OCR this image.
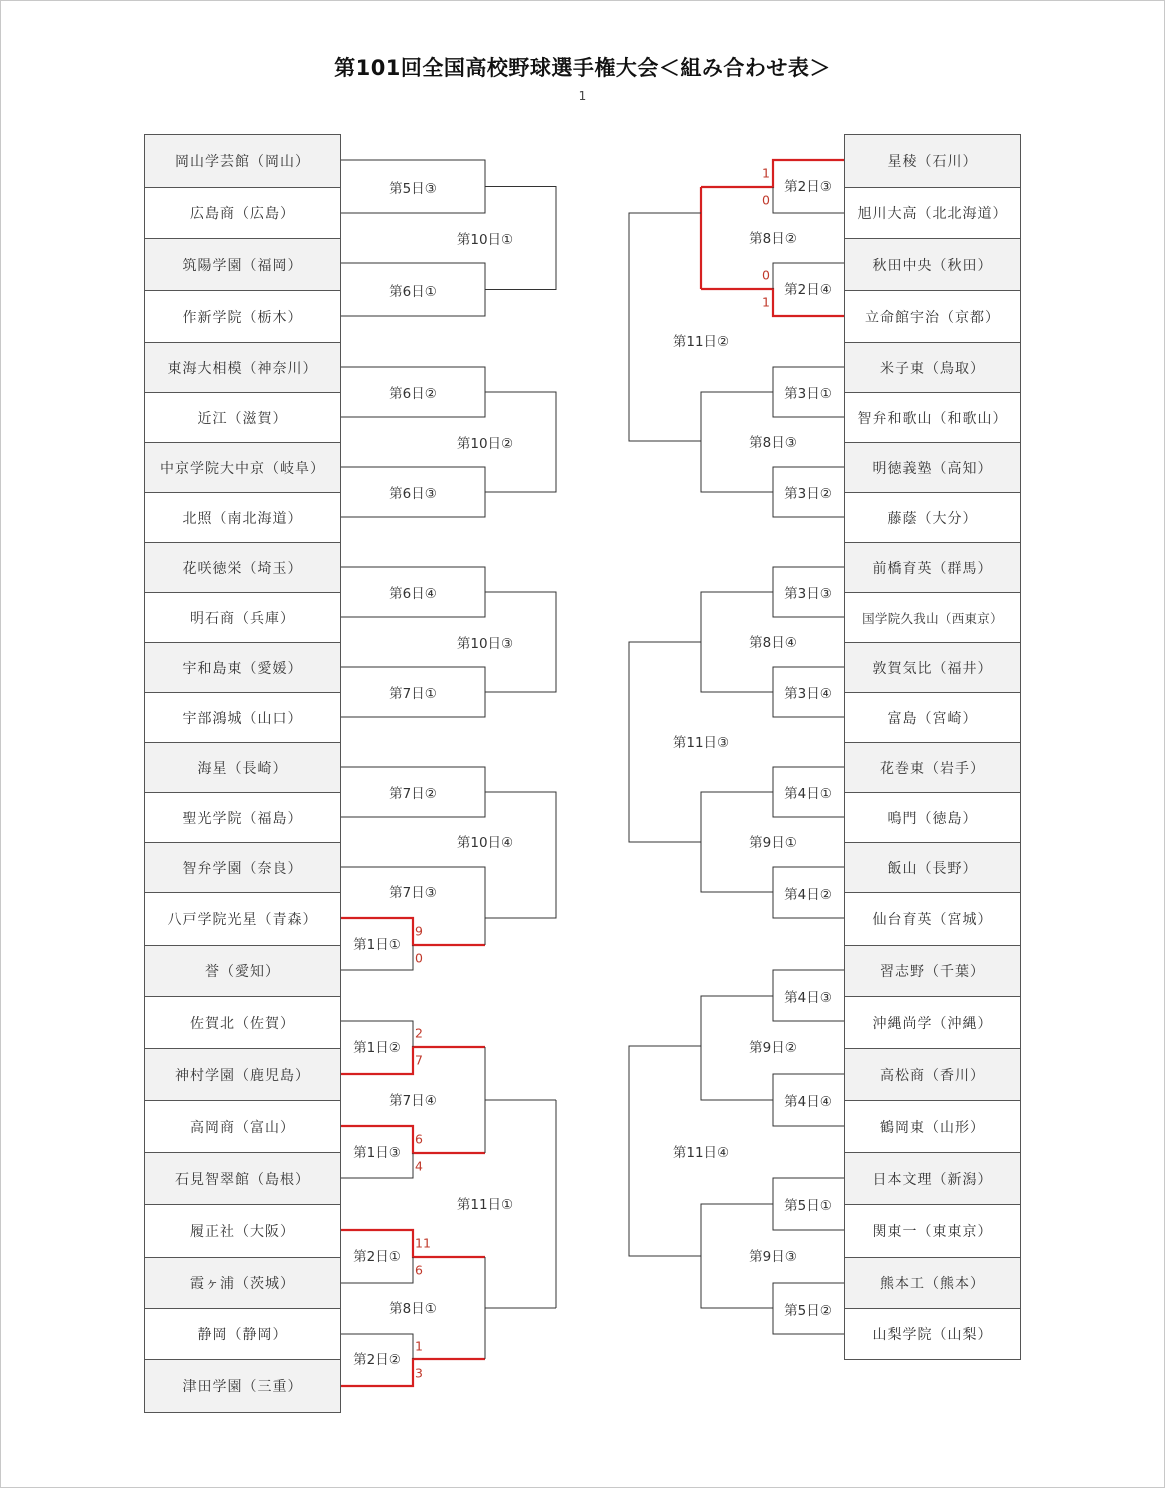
第101回全国高校野球選手権大会＜組み合わせ表＞
1
岡山学芸館（岡山）
広島商（広島）
筑陽学園（福岡）
作新学院（栃木）
東海大相模（神奈川）
近江（滋賀）
中京学院大中京（岐阜）
北照（南北海道）
花咲徳栄（埼玉）
明石商（兵庫）
宇和島東（愛媛）
宇部鴻城（山口）
海星（長崎）
聖光学院（福島）
智弁学園（奈良）
八戸学院光星（青森）
誉（愛知）
佐賀北（佐賀）
神村学園（鹿児島）
高岡商（富山）
石見智翠館（島根）
履正社（大阪）
霞ヶ浦（茨城）
静岡（静岡）
津田学園（三重）
星稜（石川）
旭川大高（北北海道）
秋田中央（秋田）
立命館宇治（京都）
米子東（鳥取）
智弁和歌山（和歌山）
明徳義塾（高知）
藤蔭（大分）
前橋育英（群馬）
国学院久我山（西東京）
敦賀気比（福井）
富島（宮崎）
花巻東（岩手）
鳴門（徳島）
飯山（長野）
仙台育英（宮城）
習志野（千葉）
沖縄尚学（沖縄）
高松商（香川）
鶴岡東（山形）
日本文理（新潟）
関東一（東東京）
熊本工（熊本）
山梨学院（山梨）
第5日③
第6日①
第10日①
第6日②
第6日③
第10日②
第6日④
第7日①
第10日③
第7日②
第1日①
9
0
第7日③
第10日④
第1日②
2
7
第1日③
6
4
第7日④
第2日①
11
6
第2日②
1
3
第8日①
第11日①
第2日③
1
0
第2日④
0
1
第8日②
第3日①
第3日②
第8日③
第11日②
第3日③
第3日④
第8日④
第4日①
第4日②
第9日①
第11日③
第4日③
第4日④
第9日②
第5日①
第5日②
第9日③
第11日④
